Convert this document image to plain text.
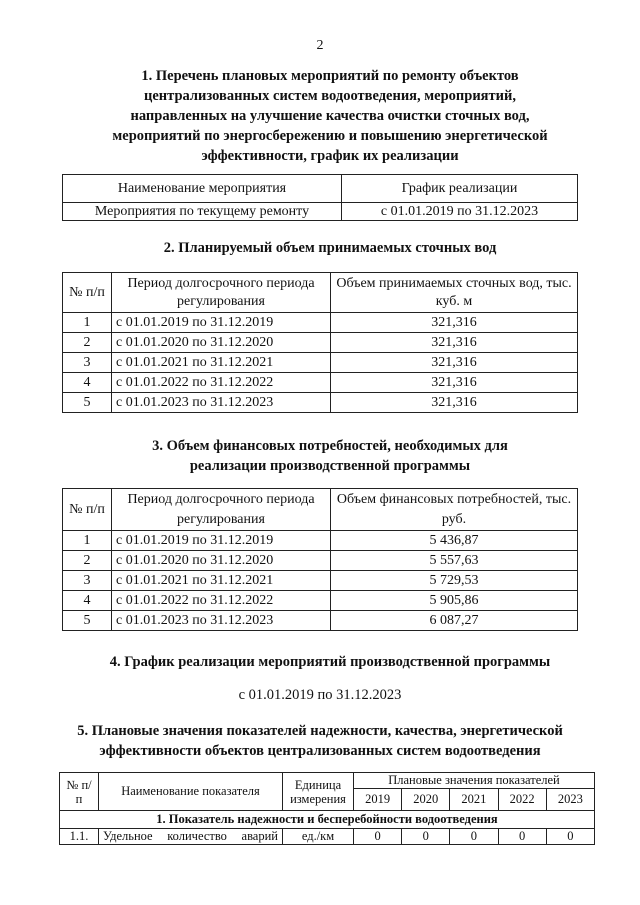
2
1. Перечень плановых мероприятий по ремонту объектов
централизованных систем водоотведения, мероприятий,
направленных на улучшение качества очистки сточных вод,
мероприятий по энергосбережению и повышению энергетической
эффективности, график их реализации
Наименование мероприятия	График реализации
Мероприятия по текущему ремонту	с 01.01.2019 по 31.12.2023
2. Планируемый объем принимаемых сточных вод
№ п/п	Период долгосрочного периода регулирования	Объем принимаемых сточных вод, тыс. куб. м
1	с 01.01.2019 по 31.12.2019	321,316
2	с 01.01.2020 по 31.12.2020	321,316
3	с 01.01.2021 по 31.12.2021	321,316
4	с 01.01.2022 по 31.12.2022	321,316
5	с 01.01.2023 по 31.12.2023	321,316
3. Объем финансовых потребностей, необходимых для
реализации производственной программы
№ п/п	Период долгосрочного периода регулирования	Объем финансовых потребностей, тыс. руб.
1	с 01.01.2019 по 31.12.2019	5 436,87
2	с 01.01.2020 по 31.12.2020	5 557,63
3	с 01.01.2021 по 31.12.2021	5 729,53
4	с 01.01.2022 по 31.12.2022	5 905,86
5	с 01.01.2023 по 31.12.2023	6 087,27
4. График реализации мероприятий производственной программы
с 01.01.2019 по 31.12.2023
5. Плановые значения показателей надежности, качества, энергетической
эффективности объектов централизованных систем водоотведения
№ п/п	Наименование показателя	Единица измерения	Плановые значения показателей				
			2019	2020	2021	2022	2023
1. Показатель надежности и бесперебойности водоотведения							
1.1.	Удельное количество аварий	ед./км	0	0	0	0	0
